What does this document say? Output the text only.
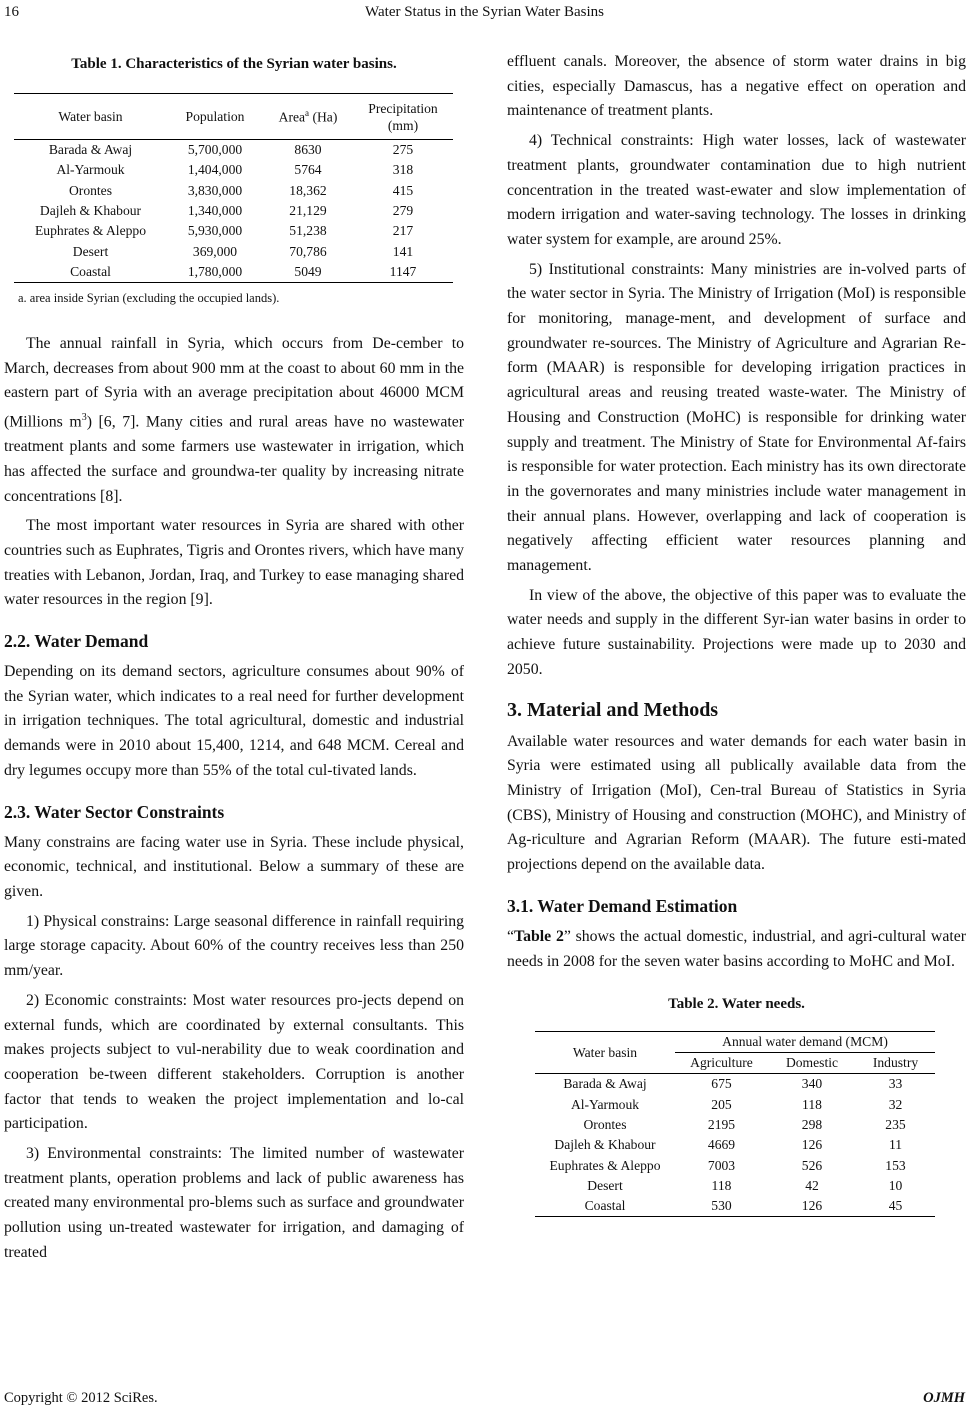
16	Water Status in the Syrian Water Basins
Table 1. Characteristics of the Syrian water basins.
Water basin	Population	Area$^a$ (Ha)	Precipitation
(mm)
Barada & Awaj	5,700,000	8630	275
Al-Yarmouk	1,404,000	5764	318
Orontes	3,830,000	18,362	415
Dajleh & Khabour	1,340,000	21,129	279
Euphrates & Aleppo	5,930,000	51,238	217
Desert	369,000	70,786	141
Coastal	1,780,000	5049	1147
a. area inside Syrian (excluding the occupied lands).

The annual rainfall in Syria, which occurs from De-cember to March, decreases from about 900 mm at the coast to about 60 mm in the eastern part of Syria with an average precipitation about 46000 MCM (Millions $m^3$) [6, 7]. Many cities and rural areas have no wastewater treatment plants and some farmers use wastewater in irrigation, which has affected the surface and groundwa-ter quality by increasing nitrate concentrations [8].

The most important water resources in Syria are shared with other countries such as Euphrates, Tigris and Orontes rivers, which have many treaties with Lebanon, Jordan, Iraq, and Turkey to ease managing shared water resources in the region [9].

2.2. Water Demand

Depending on its demand sectors, agriculture consumes about 90% of the Syrian water, which indicates to a real need for further development in irrigation techniques. The total agricultural, domestic and industrial demands were in 2010 about 15,400, 1214, and 648 MCM. Cereal and dry legumes occupy more than 55% of the total cul-tivated lands.

2.3. Water Sector Constraints

Many constrains are facing water use in Syria. These include physical, economic, technical, and institutional. Below a summary of these are given.

1) Physical constrains: Large seasonal difference in rainfall requiring large storage capacity. About 60% of the country receives less than 250 mm/year.

2) Economic constraints: Most water resources pro-jects depend on external funds, which are coordinated by external consultants. This makes projects subject to vul-nerability due to weak coordination and cooperation be-tween different stakeholders. Corruption is another factor that tends to weaken the project implementation and lo-cal participation.

3) Environmental constraints: The limited number of wastewater treatment plants, operation problems and lack of public awareness has created many environmental pro-blems such as surface and groundwater pollution using un-treated wastewater for irrigation, and damaging of treated

effluent canals. Moreover, the absence of storm water drains in big cities, especially Damascus, has a negative effect on operation and maintenance of treatment plants.

4) Technical constraints: High water losses, lack of wastewater treatment plants, groundwater contamination due to high nutrient concentration in the treated wast-ewater and slow implementation of modern irrigation and water-saving technology. The losses in drinking water system for example, are around 25%.

5) Institutional constraints: Many ministries are in-volved parts of the water sector in Syria. The Ministry of Irrigation (MoI) is responsible for monitoring, manage-ment, and development of surface and groundwater re-sources. The Ministry of Agriculture and Agrarian Re-form (MAAR) is responsible for developing irrigation practices in agricultural areas and reusing treated waste-water. The Ministry of Housing and Construction (MoHC) is responsible for drinking water supply and treatment. The Ministry of State for Environmental Af-fairs is responsible for water protection. Each ministry has its own directorate in the governorates and many ministries include water management in their annual plans. However, overlapping and lack of cooperation is negatively affecting efficient water resources planning and management.

In view of the above, the objective of this paper was to evaluate the water needs and supply in the different Syr-ian water basins in order to achieve future sustainability. Projections were made up to 2030 and 2050.

3. Material and Methods

Available water resources and water demands for each water basin in Syria were estimated using all publically available data from the Ministry of Irrigation (MoI), Cen-tral Bureau of Statistics in Syria (CBS), Ministry of Housing and construction (MOHC), and Ministry of Ag-riculture and Agrarian Reform (MAAR). The future esti-mated projections depend on the available data.

3.1. Water Demand Estimation

“Table 2” shows the actual domestic, industrial, and agri-cultural water needs in 2008 for the seven water basins according to MoHC and MoI.

Table 2. Water needs.
Water basin	Annual water demand (MCM)		
	Agriculture	Domestic	Industry
Barada & Awaj	675	340	33
Al-Yarmouk	205	118	32
Orontes	2195	298	235
Dajleh & Khabour	4669	126	11
Euphrates & Aleppo	7003	526	153
Desert	118	42	10
Coastal	530	126	45
Copyright © 2012 SciRes.	OJMH
